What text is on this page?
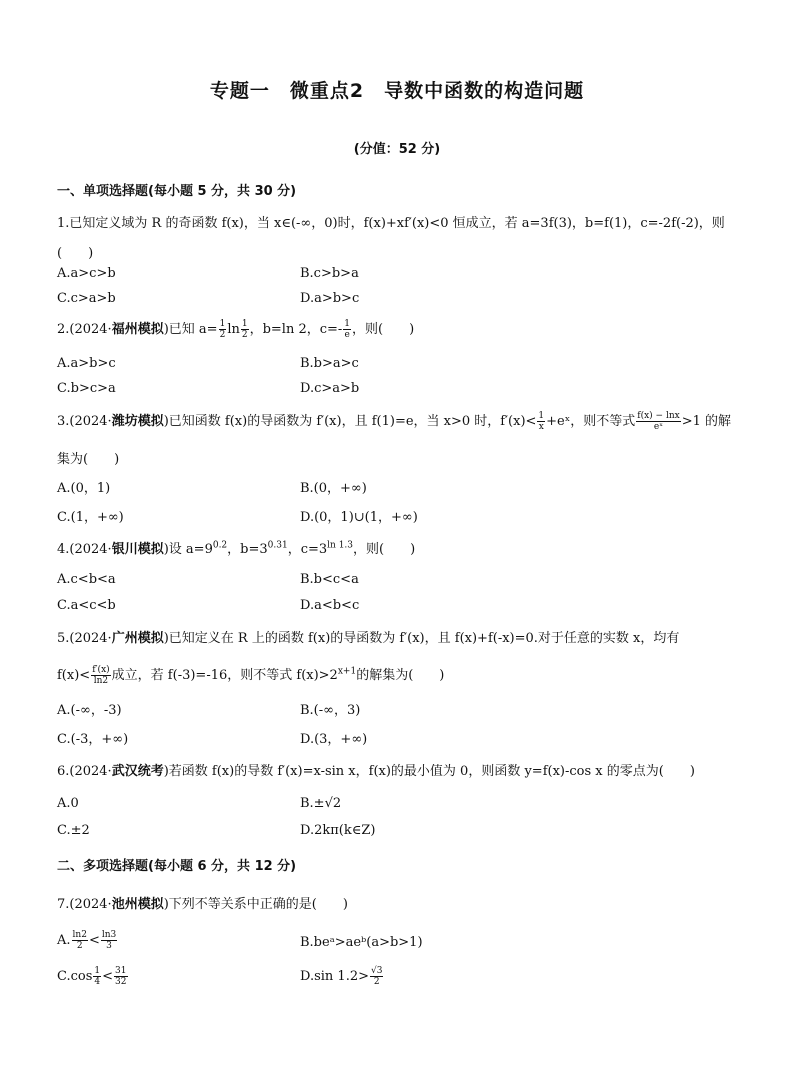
专题一　微重点2　导数中函数的构造问题
(分值：52 分)
一、单项选择题(每小题 5 分，共 30 分)
1.已知定义域为 R 的奇函数 f(x)，当 x∈(-∞，0)时，f(x)+xf′(x)<0 恒成立，若 a=3f(3)，b=f(1)，c=-2f(-2)，则
(　　)
A.a>c>b	B.c>b>a
C.c>a>b	D.a>b>c
2.(2024·福州模拟)已知 $a= \frac{1}{2}$ $\ln \frac{1}{2}$ ，b=ln 2，$c=- \frac{1}{e}$ ，则(　　)
A.a>b>c	B.b>a>c
C.b>c>a	D.c>a>b
3.(2024·潍坊模拟)已知函数 f(x)的导函数为 f′(x)，且 f(1)=e，当 x>0 时，$f'(x)< \frac{1}{x}$ +eˣ，则不等式 $\frac{f(x) - \ln x}{\text{eˣ}} >1$ 的解
集为(　　)
A.(0，1)	B.(0，+∞)
C.(1，+∞)	D.(0，1)∪(1，+∞)
4.(2024·银川模拟)设 $a=9^{0.2}$，$b=3^{0.31}$，$c=3^{ln 1.3}$，则(　　)
A.c<b<a	B.b<c<a
C.a<c<b	D.a<b<c
5.(2024·广州模拟)已知定义在 R 上的函数 f(x)的导函数为 f′(x)，且 f(x)+f(-x)=0.对于任意的实数 x，均有
$f(x)< \frac{f'(x)}{\ln 2}$ 成立，若 f(-3)=-16，则不等式 $f(x)>2^{x+1}$的解集为(　　)
A.(-∞，-3)	B.(-∞，3)
C.(-3，+∞)	D.(3，+∞)
6.(2024·武汉统考)若函数 f(x)的导数 f′(x)=x-sin x，f(x)的最小值为 0，则函数 y=f(x)-cos x 的零点为(　　)
A.0	B.±√2
C.±2	D.2kπ(k∈Z)
二、多项选择题(每小题 6 分，共 12 分)
7.(2024·池州模拟)下列不等关系中正确的是(　　)
A. $\frac{\ln 2}{2} < \frac{\ln 3}{3}$	B.beᵃ>aeᵇ(a>b>1)
$C.\cos \frac{1}{4} < \frac{31}{32}$	D.sin $1.2> \frac{√3}{2}$
